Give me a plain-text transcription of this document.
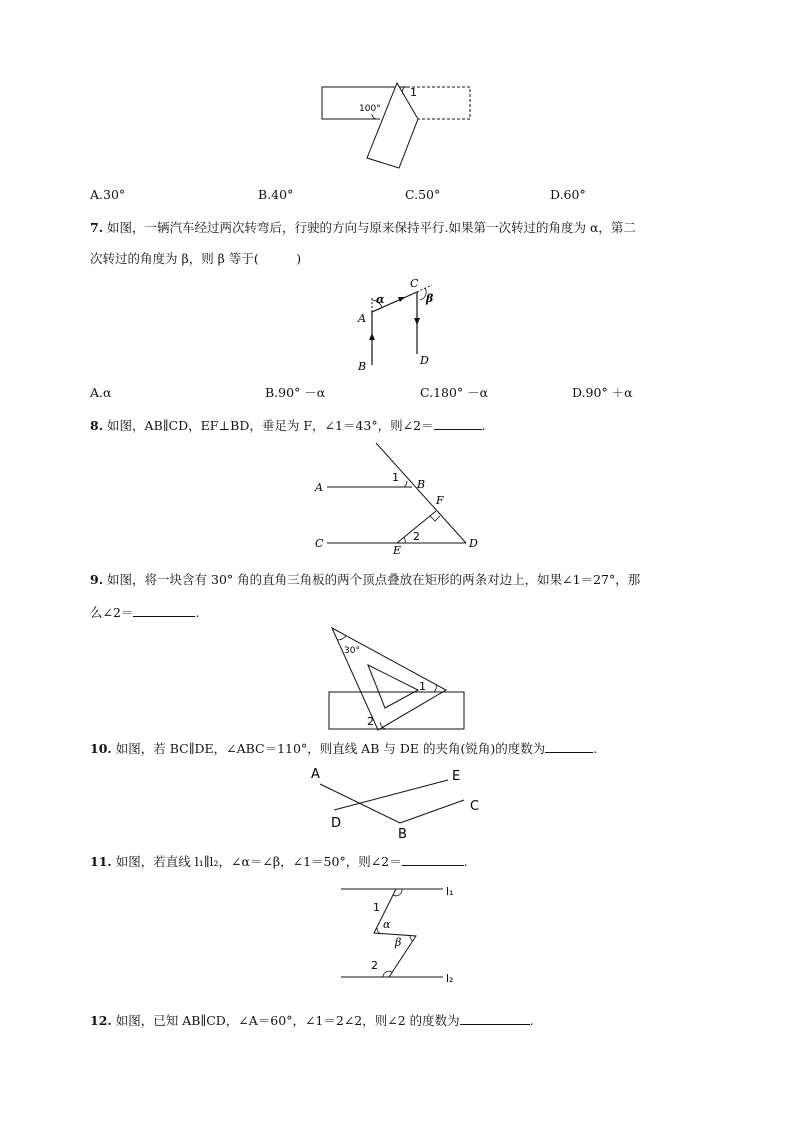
100°
1
A.30°	B.40°	C.50°	D.60°
7. 如图，一辆汽车经过两次转弯后，行驶的方向与原来保持平行.如果第一次转过的角度为 α，第二
次转过的角度为 β，则 β 等于(　　　)
A
B
C
D
α	β
A.α	B.90° －α	C.180° －α	D.90° ＋α
8. 如图，AB∥CD，EF⊥BD，垂足为 F，∠1＝43°，则∠2＝	.
A	B
C	D
E
F
1
2
9. 如图，将一块含有 30° 角的直角三角板的两个顶点叠放在矩形的两条对边上，如果∠1＝27°，那
么∠2＝	.
30°
1
2
10. 如图，若 BC∥DE，∠ABC＝110°，则直线 AB 与 DE 的夹角(锐角)的度数为	.
A
B
C
D
E
11. 如图，若直线 l₁∥l₂，∠α＝∠β，∠1＝50°，则∠2＝	.
l₁
l₂
α
β
1
2
12. 如图，已知 AB∥CD，∠A＝60°，∠1＝2∠2，则∠2 的度数为	.
